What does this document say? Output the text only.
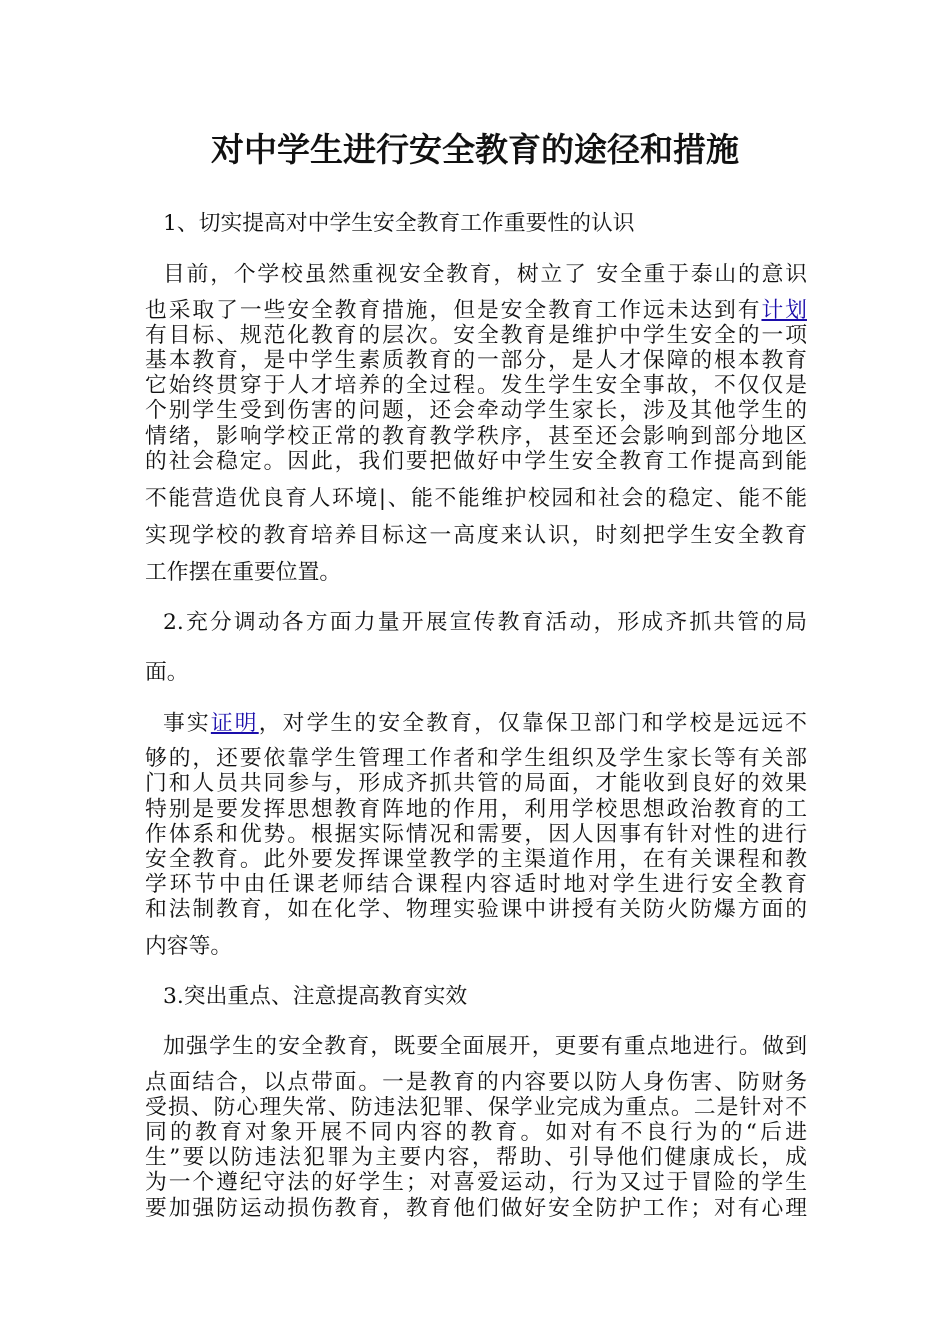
对中学生进行安全教育的途径和措施
1、切实提高对中学生安全教育工作重要性的认识
目前，个学校虽然重视安全教育，树立了 安全重于泰山的意识
也采取了一些安全教育措施，但是安全教育工作远未达到有计划
有目标、规范化教育的层次。安全教育是维护中学生安全的一项
基本教育，是中学生素质教育的一部分，是人才保障的根本教育
它始终贯穿于人才培养的全过程。发生学生安全事故，不仅仅是
个别学生受到伤害的问题，还会牵动学生家长，涉及其他学生的
情绪，影响学校正常的教育教学秩序，甚至还会影响到部分地区
的社会稳定。因此，我们要把做好中学生安全教育工作提高到能
不能营造优良育人环境|、能不能维护校园和社会的稳定、能不能
实现学校的教育培养目标这一高度来认识，时刻把学生安全教育
工作摆在重要位置。
2.充分调动各方面力量开展宣传教育活动，形成齐抓共管的局
面。
事实证明，对学生的安全教育，仅靠保卫部门和学校是远远不
够的，还要依靠学生管理工作者和学生组织及学生家长等有关部
门和人员共同参与，形成齐抓共管的局面，才能收到良好的效果
特别是要发挥思想教育阵地的作用，利用学校思想政治教育的工
作体系和优势。根据实际情况和需要，因人因事有针对性的进行
安全教育。此外要发挥课堂教学的主渠道作用，在有关课程和教
学环节中由任课老师结合课程内容适时地对学生进行安全教育
和法制教育，如在化学、物理实验课中讲授有关防火防爆方面的
内容等。
3.突出重点、注意提高教育实效
加强学生的安全教育，既要全面展开，更要有重点地进行。做到
点面结合，以点带面。一是教育的内容要以防人身伤害、防财务
受损、防心理失常、防违法犯罪、保学业完成为重点。二是针对不
同的教育对象开展不同内容的教育。如对有不良行为的“后进
生”要以防违法犯罪为主要内容，帮助、引导他们健康成长，成
为一个遵纪守法的好学生；对喜爱运动，行为又过于冒险的学生
要加强防运动损伤教育，教育他们做好安全防护工作；对有心理
